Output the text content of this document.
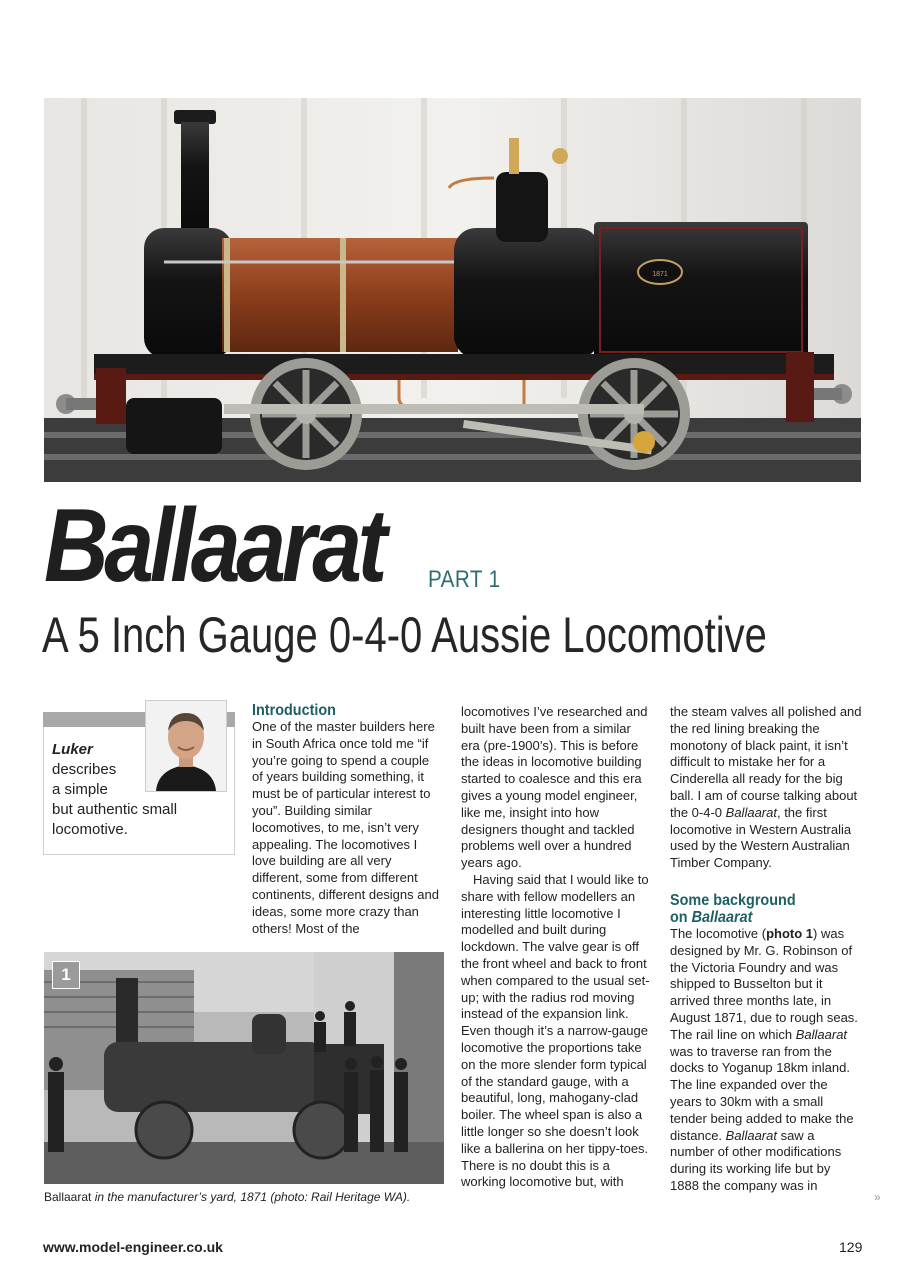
1871
Ballaarat PART 1
A 5 Inch Gauge 0-4-0 Aussie Locomotive
Luker
describes
a simple
but authentic small
locomotive.
Introduction

One of the master builders here in South Africa once told me “if you’re going to spend a couple of years building something, it must be of particular interest to you”. Building similar locomotives, to me, isn’t very appealing. The locomotives I love building are all very different, some from different continents, different designs and ideas, some more crazy than others! Most of the

locomotives I’ve researched and built have been from a similar era (pre-1900’s). This is before the ideas in locomotive building started to coalesce and this era gives a young model engineer, like me, insight into how designers thought and tackled problems well over a hundred years ago.

Having said that I would like to share with fellow modellers an interesting little locomotive I modelled and built during lockdown. The valve gear is off the front wheel and back to front when compared to the usual set-up; with the radius rod moving instead of the expansion link. Even though it’s a narrow-gauge locomotive the proportions take on the more slender form typical of the standard gauge, with a beautiful, long, mahogany-clad boiler. The wheel span is also a little longer so she doesn’t look like a ballerina on her tippy-toes. There is no doubt this is a working locomotive but, with

the steam valves all polished and the red lining breaking the monotony of black paint, it isn’t difficult to mistake her for a Cinderella all ready for the big ball. I am of course talking about the 0-4-0 Ballaarat, the first locomotive in Western Australia used by the Western Australian Timber Company.

Some background
on Ballaarat

The locomotive (photo 1) was designed by Mr. G. Robinson of the Victoria Foundry and was shipped to Busselton but it arrived three months late, in August 1871, due to rough seas. The rail line on which Ballaarat was to traverse ran from the docks to Yoganup 18km inland. The line expanded over the years to 30km with a small tender being added to make the distance. Ballaarat saw a number of other modifications during its working life but by 1888 the company was in

1
Ballaarat in the manufacturer’s yard, 1871 (photo: Rail Heritage WA).	»
www.model-engineer.co.uk	129
